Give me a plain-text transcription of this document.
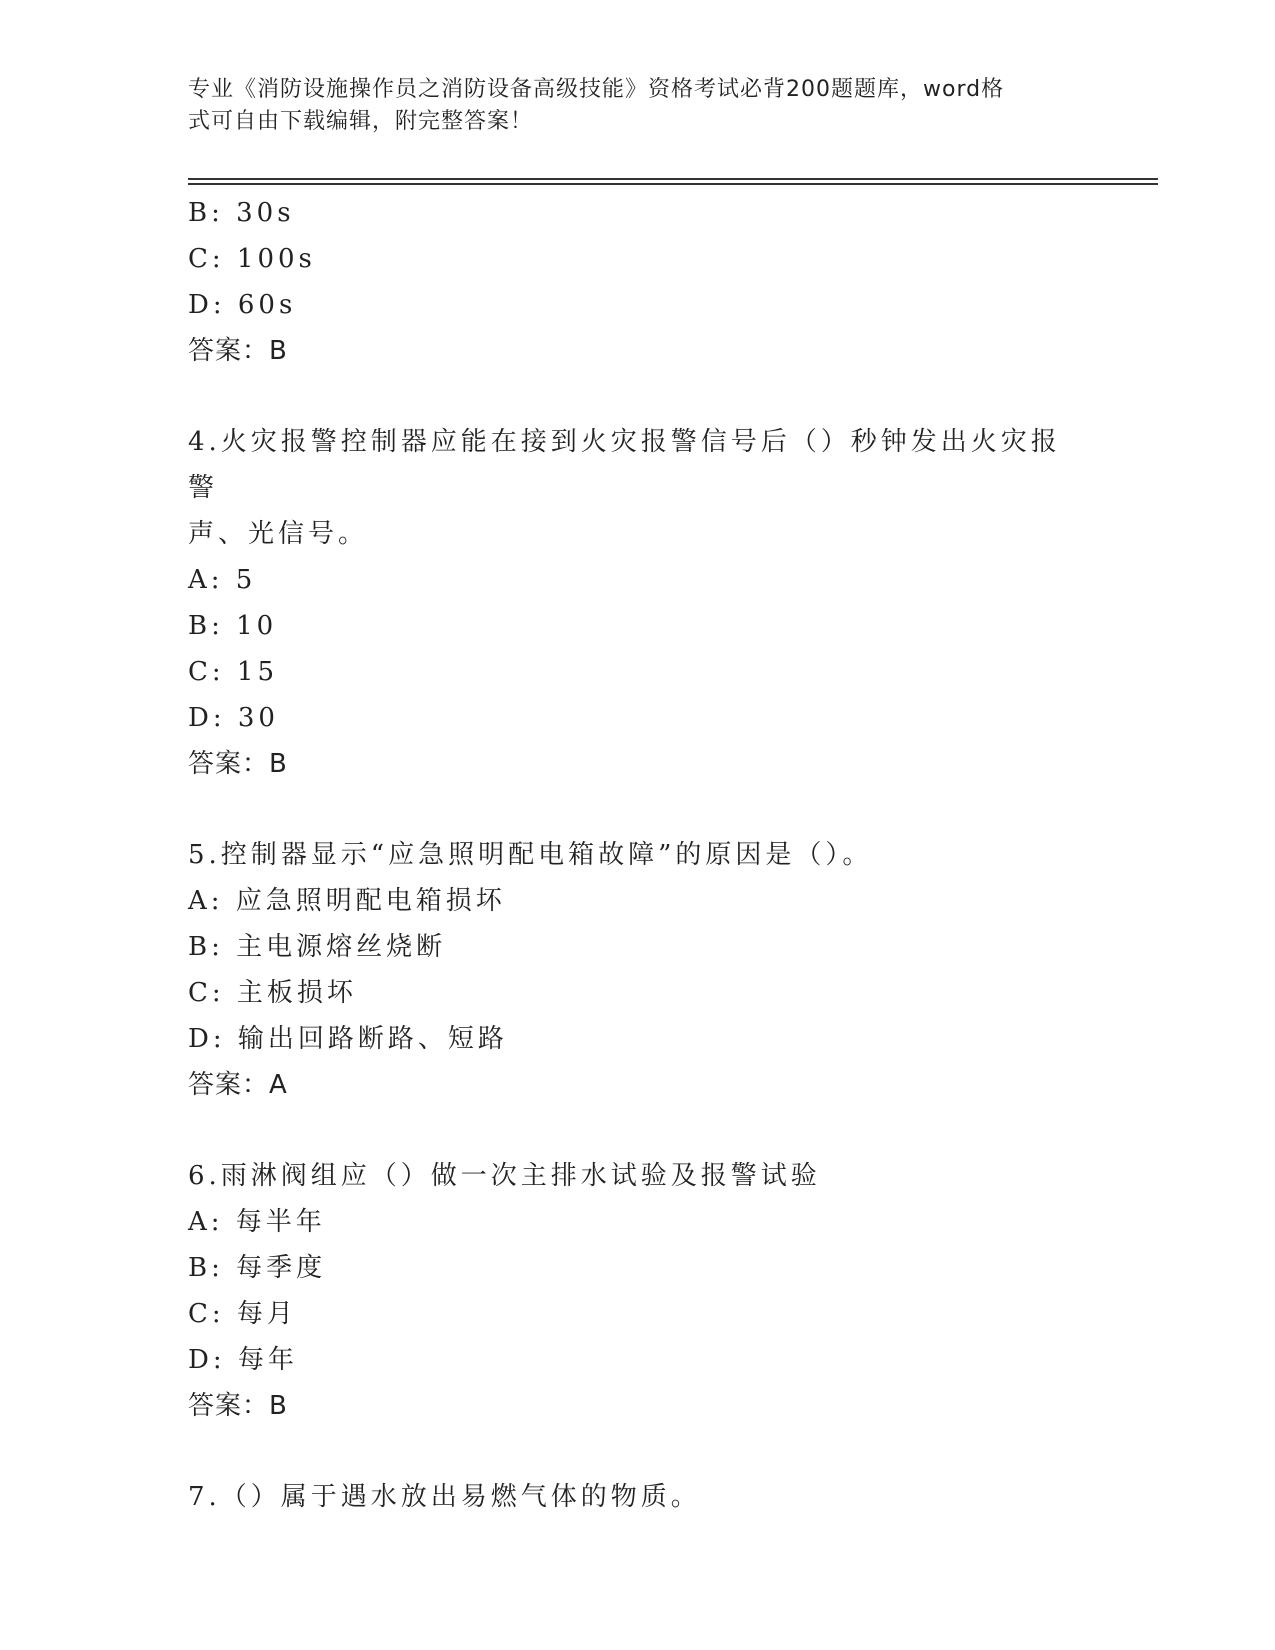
专业《消防设施操作员之消防设备高级技能》资格考试必背200题题库，word格
式可自由下载编辑，附完整答案！
B: 30s
C: 100s
D: 60s
答案：B
4.火灾报警控制器应能在接到火灾报警信号后（）秒钟发出火灾报警
声、光信号。
A: 5
B: 10
C: 15
D: 30
答案：B
5.控制器显示“应急照明配电箱故障”的原因是（）。
A: 应急照明配电箱损坏
B: 主电源熔丝烧断
C: 主板损坏
D: 输出回路断路、短路
答案：A
6.雨淋阀组应（）做一次主排水试验及报警试验
A: 每半年
B: 每季度
C: 每月
D: 每年
答案：B
7.（）属于遇水放出易燃气体的物质。
